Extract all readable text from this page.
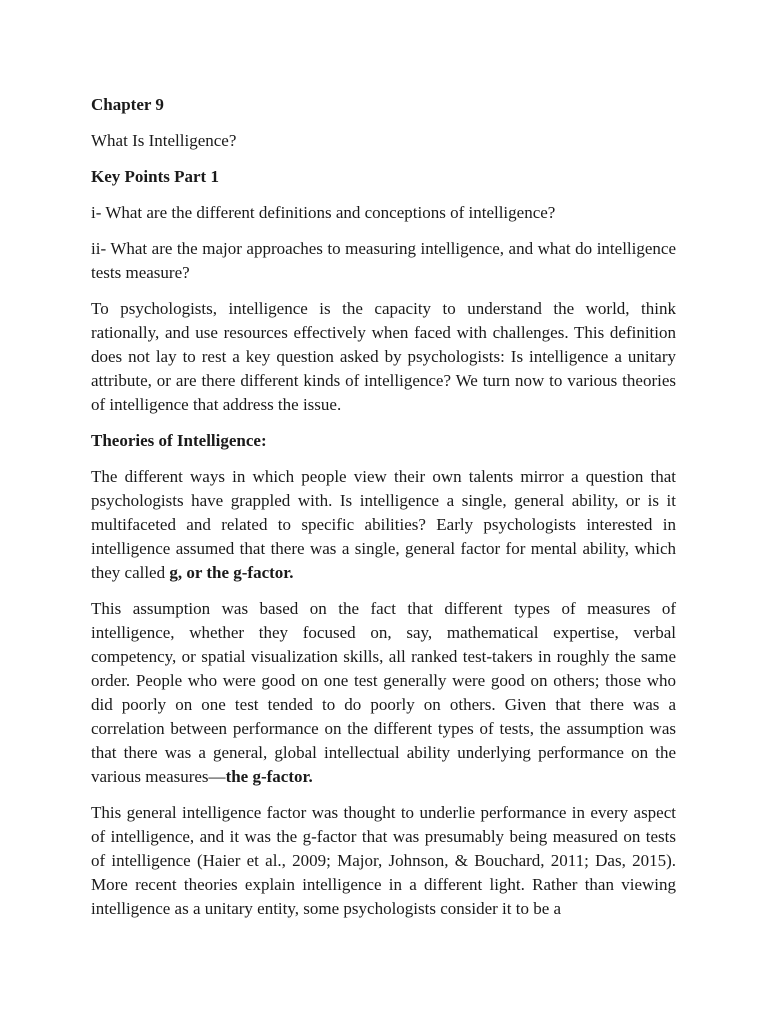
Chapter 9

What Is Intelligence?

Key Points Part 1

i- What are the different definitions and conceptions of intelligence?

ii- What are the major approaches to measuring intelligence, and what do intelligence tests measure?

To psychologists, intelligence is the capacity to understand the world, think rationally, and use resources effectively when faced with challenges. This definition does not lay to rest a key question asked by psychologists: Is intelligence a unitary attribute, or are there different kinds of intelligence? We turn now to various theories of intelligence that address the issue.

Theories of Intelligence:

The different ways in which people view their own talents mirror a question that psychologists have grappled with. Is intelligence a single, general ability, or is it multifaceted and related to specific abilities? Early psychologists interested in intelligence assumed that there was a single, general factor for mental ability, which they called g, or the g-factor.

This assumption was based on the fact that different types of measures of intelligence, whether they focused on, say, mathematical expertise, verbal competency, or spatial visualization skills, all ranked test-takers in roughly the same order. People who were good on one test generally were good on others; those who did poorly on one test tended to do poorly on others. Given that there was a correlation between performance on the different types of tests, the assumption was that there was a general, global intellectual ability underlying performance on the various measures—the g-factor.

This general intelligence factor was thought to underlie performance in every aspect of intelligence, and it was the g-factor that was presumably being measured on tests of intelligence (Haier et al., 2009; Major, Johnson, & Bouchard, 2011; Das, 2015). More recent theories explain intelligence in a different light. Rather than viewing intelligence as a unitary entity, some psychologists consider it to be a
